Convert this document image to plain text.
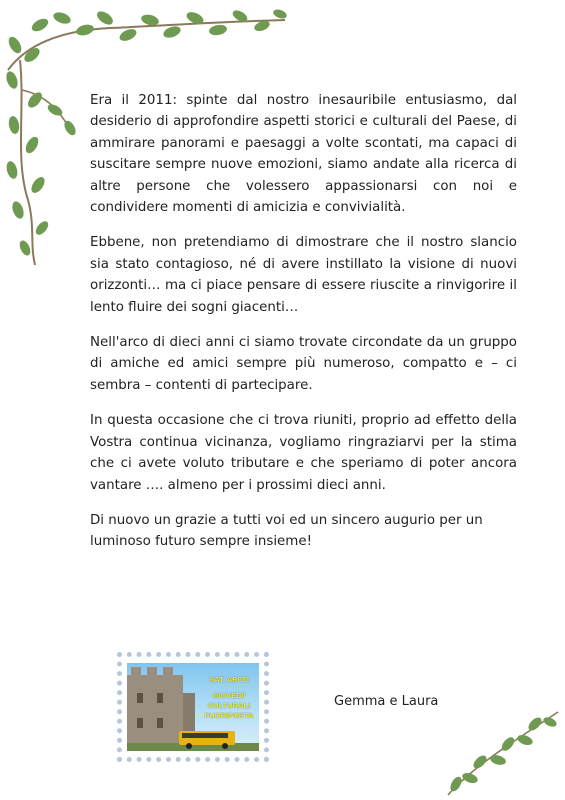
Era il 2011: spinte dal nostro inesauribile entusiasmo, dal desiderio di approfondire aspetti storici e culturali del Paese, di ammirare panorami e paesaggi a volte scontati, ma capaci di suscitare sempre nuove emozioni, siamo andate alla ricerca di altre persone che volessero appassionarsi con noi e condividere momenti di amicizia e convivialità.

Ebbene, non pretendiamo di dimostrare che il nostro slancio sia stato contagioso, né di avere instillato la visione di nuovi orizzonti… ma ci piace pensare di essere riuscite a rinvigorire il lento fluire dei sogni giacenti…

Nell'arco di dieci anni ci siamo trovate circondate da un gruppo di amiche ed amici sempre più numeroso, compatto e – ci sembra – contenti di partecipare.

In questa occasione che ci trova riuniti, proprio ad effetto della Vostra continua vicinanza, vogliamo ringraziarvi per la stima che ci avete voluto tributare e che speriamo di poter ancora vantare …. almeno per i prossimi dieci anni.

Di nuovo un grazie a tutti voi ed un sincero augurio per un luminoso futuro sempre insieme!

SAT. ARCO
GIOVEDI'
CULTURALI
FUORIPORTA
Gemma e Laura
